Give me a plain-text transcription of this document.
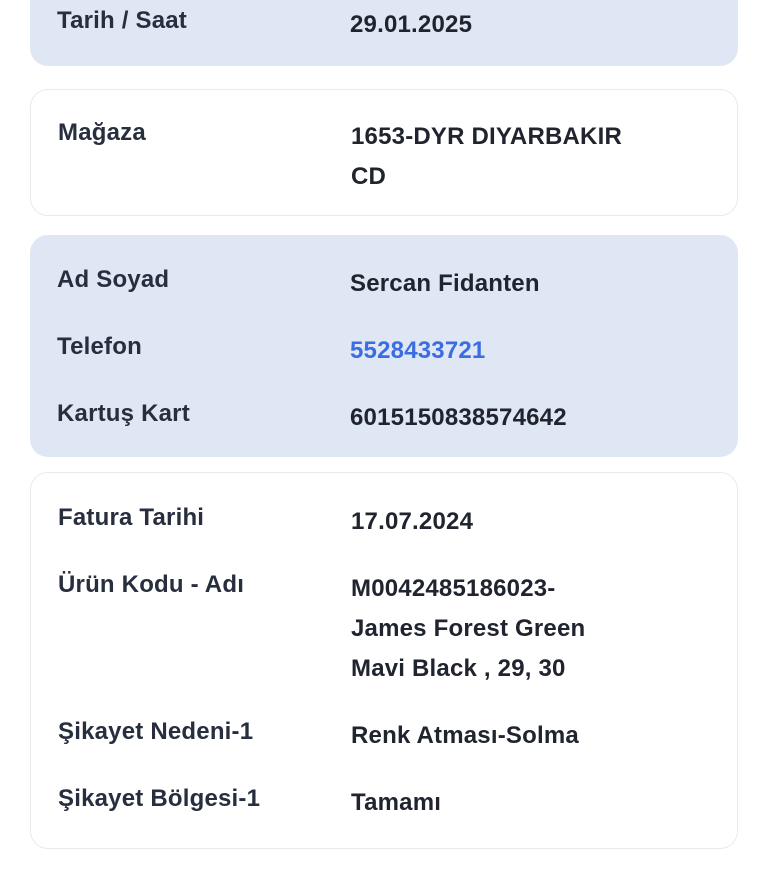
Tarih / Saat	29.01.2025
Mağaza	1653-DYR DIYARBAKIR CD
Ad Soyad	Sercan Fidanten
Telefon	5528433721
Kartuş Kart	6015150838574642
Fatura Tarihi	17.07.2024
Ürün Kodu - Adı	M0042485186023- James Forest Green Mavi Black , 29, 30
Şikayet Nedeni-1	Renk Atması-Solma
Şikayet Bölgesi-1	Tamamı
